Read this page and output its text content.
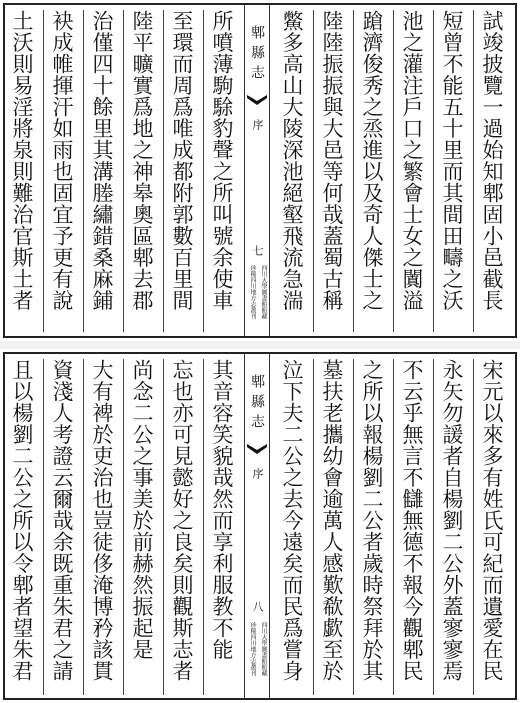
土沃則易淫將泉則難治官斯土者
袂成帷揮汗如雨也固宜予更有說
治僅四十餘里其溝塍繡錯桑麻鋪 陸平曠實爲地之神皋奧區郫去郡 至環而周爲唯成都附郭數百里間
所噴薄駒駼豹聲之所叫號余使車
郫縣志
序
七
四川大學圖書館館藏
珍稀四川地方志叢刊
鱉多高山大陵深池絕壑飛流急湍
陸陸振振與大邑等何哉蓋蜀古稱
蹌濟俊秀之烝進以及奇人傑士之
池之灌注戶口之繁會士女之闐溢
短曾不能五十里而其間田疇之沃
試竣披覽一過始知郫固小邑截長
且以楊劉二公之所以令郫者望朱君 資淺人考證云爾哉余既重朱君之請 大有裨於吏治也豈徒侈淹博矜該貫 尚念二公之事美於前赫然振起是 忘也亦可見懿好之良矣則觀斯志者 其音容笑貌哉然而享利服教不能 郫縣志
序
八
四川大學圖書館館藏
珍稀四川地方志叢刊
泣下夫二公之去今遠矣而民爲嘗身 墓扶老攜幼會逾萬人感歎欷歔至於 之所以報楊劉二公者歲時祭拜於其 不云乎無言不讎無德不報今觀郫民 永矢勿諼者自楊劉二公外蓋寥寥焉 宋元以來多有姓氏可紀而遺愛在民
